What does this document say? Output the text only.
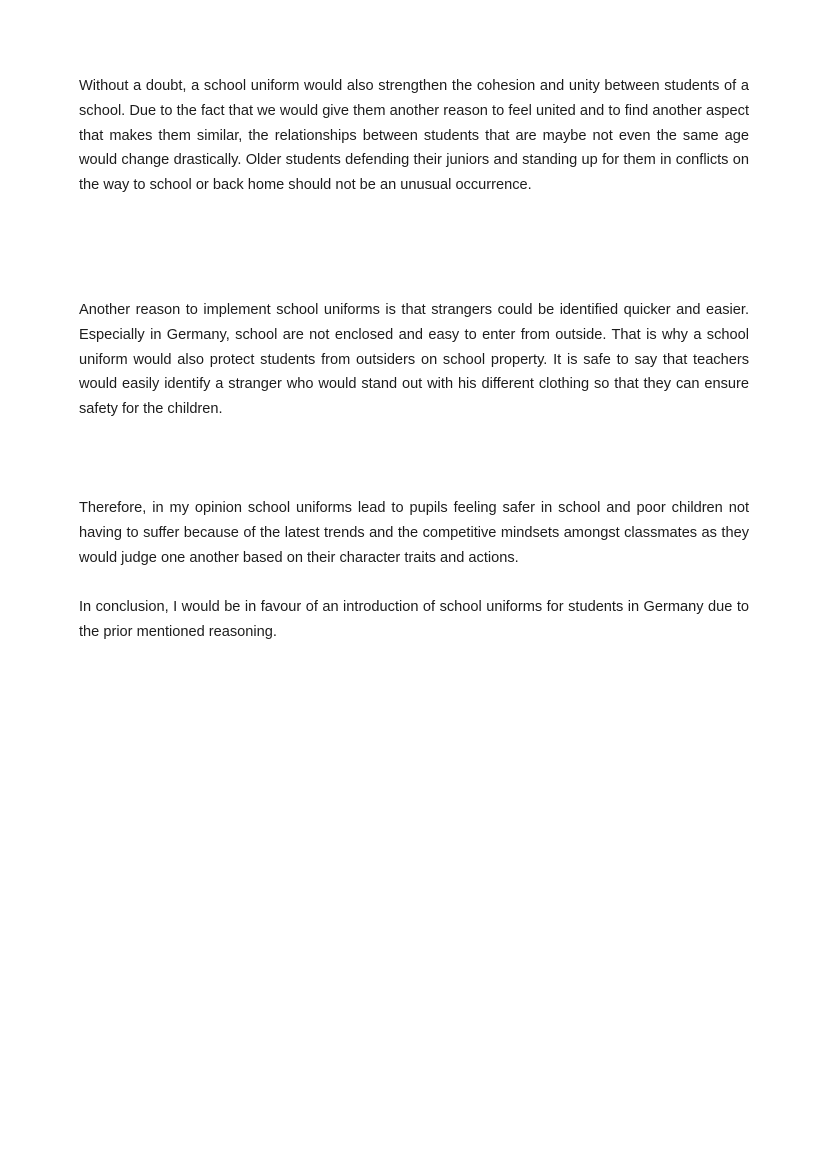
Without a doubt, a school uniform would also strengthen the cohesion and unity between students of a school. Due to the fact that we would give them another reason to feel united and to find another aspect that makes them similar, the relationships between students that are maybe not even the same age would change drastically. Older students defending their juniors and standing up for them in conflicts on the way to school or back home should not be an unusual occurrence.

Another reason to implement school uniforms is that strangers could be identified quicker and easier. Especially in Germany, school are not enclosed and easy to enter from outside. That is why a school uniform would also protect students from outsiders on school property. It is safe to say that teachers would easily identify a stranger who would stand out with his different clothing so that they can ensure safety for the children.

Therefore, in my opinion school uniforms lead to pupils feeling safer in school and poor children not having to suffer because of the latest trends and the competitive mindsets amongst classmates as they would judge one another based on their character traits and actions.

In conclusion, I would be in favour of an introduction of school uniforms for students in Germany due to the prior mentioned reasoning.
